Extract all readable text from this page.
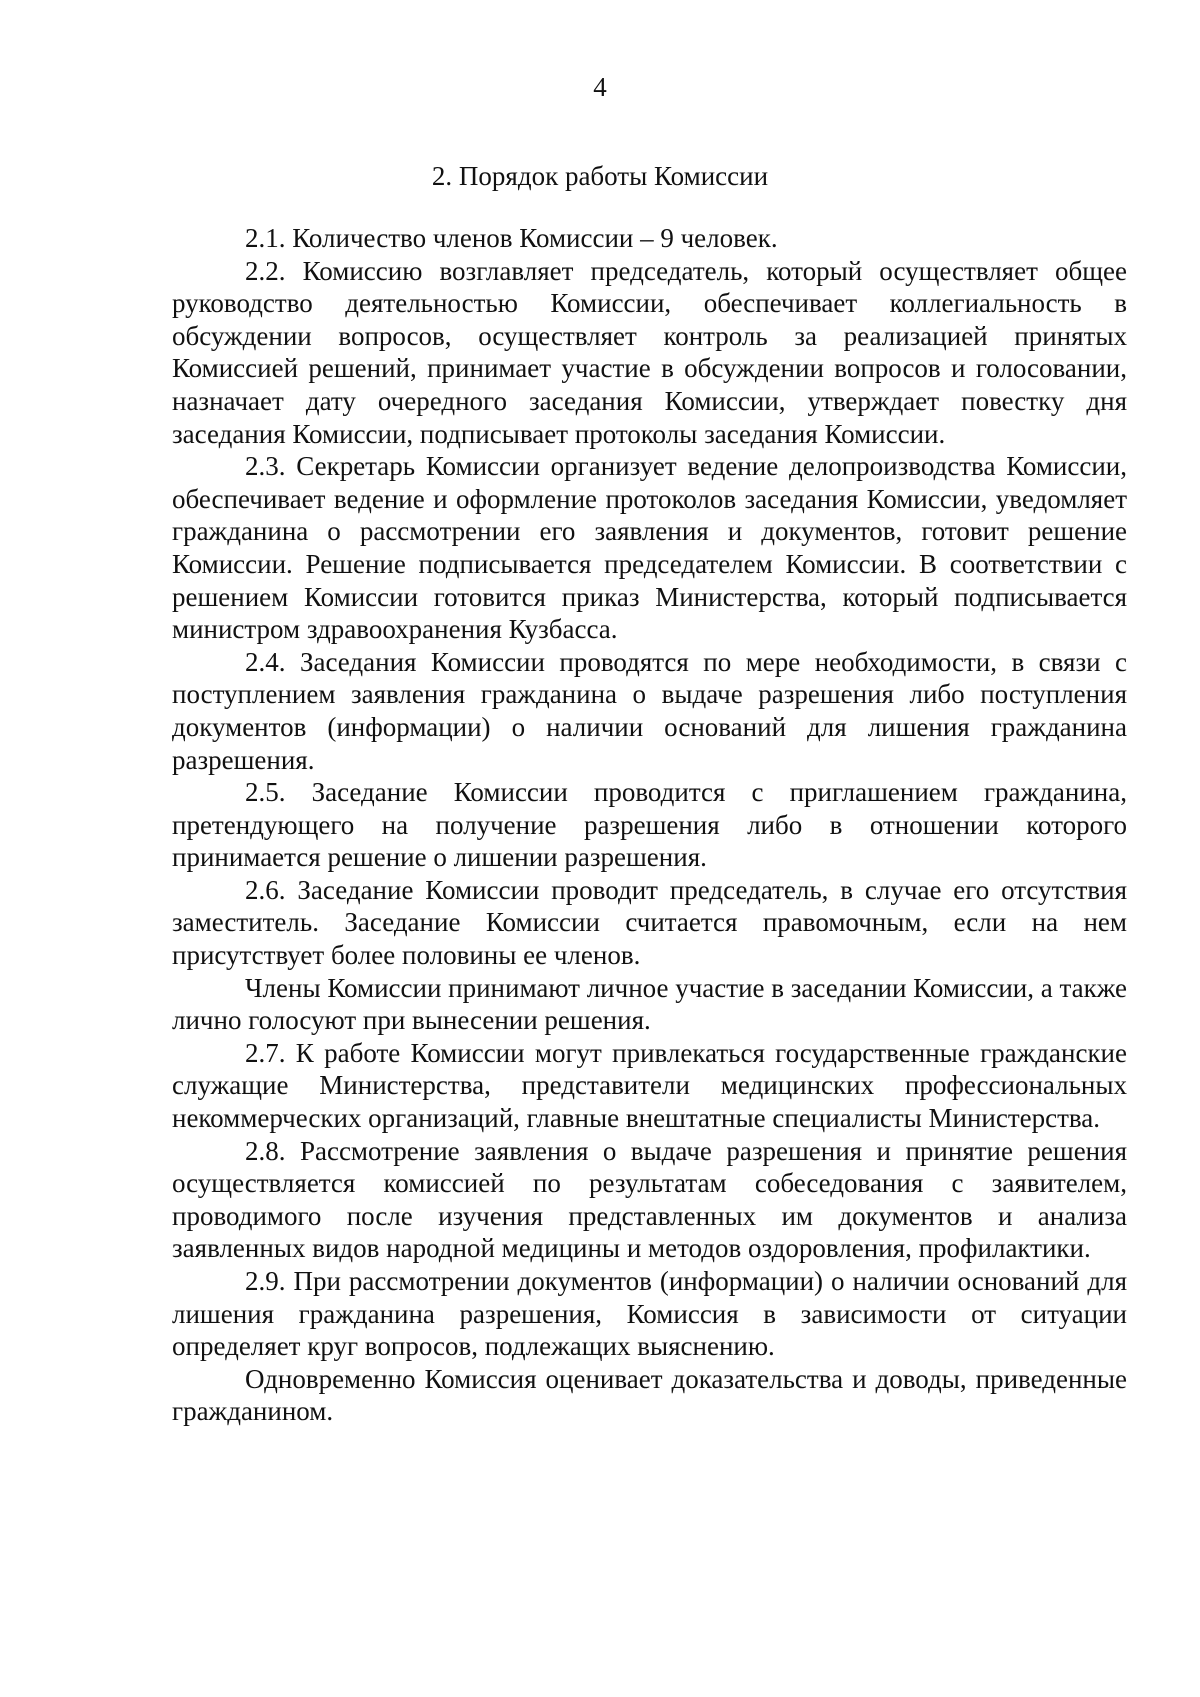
4
2. Порядок работы Комиссии

2.1. Количество членов Комиссии – 9 человек.

2.2. Комиссию возглавляет председатель, который осуществляет общее руководство деятельностью Комиссии, обеспечивает коллегиальность в обсуждении вопросов, осуществляет контроль за реализацией принятых Комиссией решений, принимает участие в обсуждении вопросов и голосовании, назначает дату очередного заседания Комиссии, утверждает повестку дня заседания Комиссии, подписывает протоколы заседания Комиссии.

2.3. Секретарь Комиссии организует ведение делопроизводства Комиссии, обеспечивает ведение и оформление протоколов заседания Комиссии, уведомляет гражданина о рассмотрении его заявления и документов, готовит решение Комиссии. Решение подписывается председателем Комиссии. В соответствии с решением Комиссии готовится приказ Министерства, который подписывается министром здравоохранения Кузбасса.

2.4. Заседания Комиссии проводятся по мере необходимости, в связи с поступлением заявления гражданина о выдаче разрешения либо поступления документов (информации) о наличии оснований для лишения гражданина разрешения.

2.5. Заседание Комиссии проводится с приглашением гражданина, претендующего на получение разрешения либо в отношении которого принимается решение о лишении разрешения.

2.6. Заседание Комиссии проводит председатель, в случае его отсутствия заместитель. Заседание Комиссии считается правомочным, если на нем присутствует более половины ее членов.

Члены Комиссии принимают личное участие в заседании Комиссии, а также лично голосуют при вынесении решения.

2.7. К работе Комиссии могут привлекаться государственные гражданские служащие Министерства, представители медицинских профессиональных некоммерческих организаций, главные внештатные специалисты Министерства.

2.8. Рассмотрение заявления о выдаче разрешения и принятие решения осуществляется комиссией по результатам собеседования с заявителем, проводимого после изучения представленных им документов и анализа заявленных видов народной медицины и методов оздоровления, профилактики.

2.9. При рассмотрении документов (информации) о наличии оснований для лишения гражданина разрешения, Комиссия в зависимости от ситуации определяет круг вопросов, подлежащих выяснению.

Одновременно Комиссия оценивает доказательства и доводы, приведенные гражданином.
